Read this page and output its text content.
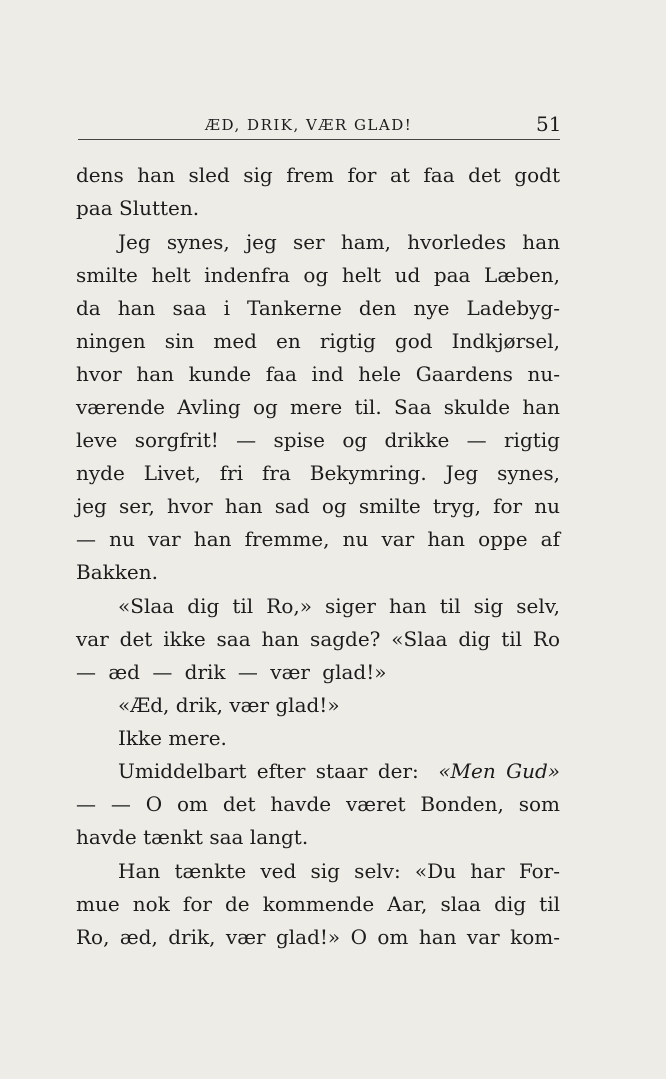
ÆD, DRIK, VÆR GLAD!	51
dens han sled sig frem for at faa det godt
paa Slutten.
Jeg synes, jeg ser ham, hvorledes han
smilte helt indenfra og helt ud paa Læben,
da han saa i Tankerne den nye Ladebyg-
ningen sin med en rigtig god Indkjørsel,
hvor han kunde faa ind hele Gaardens nu-
værende Avling og mere til. Saa skulde han
leve sorgfrit! — spise og drikke — rigtig
nyde Livet, fri fra Bekymring. Jeg synes,
jeg ser, hvor han sad og smilte tryg, for nu
— nu var han fremme, nu var han oppe af
Bakken.
«Slaa dig til Ro,» siger han til sig selv,
var det ikke saa han sagde? «Slaa dig til Ro
— æd — drik — vær glad!»
«Æd, drik, vær glad!»
Ikke mere.
Umiddelbart efter staar der: «Men Gud»
— — O om det havde været Bonden, som
havde tænkt saa langt.
Han tænkte ved sig selv: «Du har For-
mue nok for de kommende Aar, slaa dig til
Ro, æd, drik, vær glad!» O om han var kom-
